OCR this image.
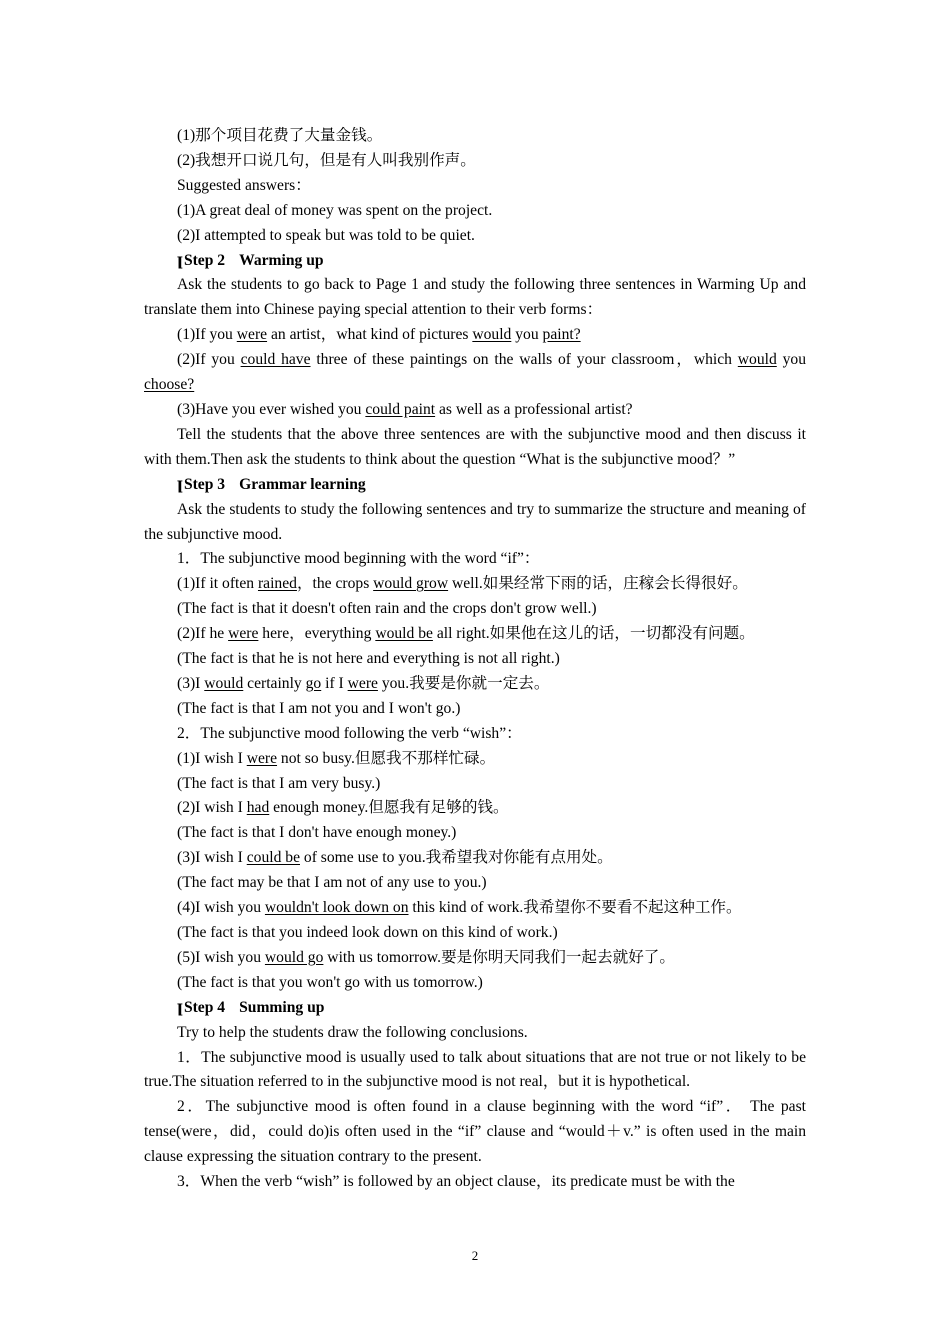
(1)那个项目花费了大量金钱。

(2)我想开口说几句，但是有人叫我别作声。

Suggested answers：

(1)A great deal of money was spent on the project.

(2)I attempted to speak but was told to be quiet.

ꞁStep 2 Warming up

Ask the students to go back to Page 1 and study the following three sentences in Warming Up and translate them into Chinese paying special attention to their verb forms：

(1)If you were an artist，what kind of pictures would you paint?

(2)If you could have three of these paintings on the walls of your classroom，which would you choose?

(3)Have you ever wished you could paint as well as a professional artist?

Tell the students that the above three sentences are with the subjunctive mood and then discuss it with them.Then ask the students to think about the question “What is the subjunctive mood？”

ꞁStep 3 Grammar learning

Ask the students to study the following sentences and try to summarize the structure and meaning of the subjunctive mood.

1．The subjunctive mood beginning with the word “if”：

(1)If it often rained，the crops would grow well.如果经常下雨的话，庄稼会长得很好。

(The fact is that it doesn't often rain and the crops don't grow well.)

(2)If he were here，everything would be all right.如果他在这儿的话，一切都没有问题。

(The fact is that he is not here and everything is not all right.)

(3)I would certainly go if I were you.我要是你就一定去。

(The fact is that I am not you and I won't go.)

2．The subjunctive mood following the verb “wish”：

(1)I wish I were not so busy.但愿我不那样忙碌。

(The fact is that I am very busy.)

(2)I wish I had enough money.但愿我有足够的钱。

(The fact is that I don't have enough money.)

(3)I wish I could be of some use to you.我希望我对你能有点用处。

(The fact may be that I am not of any use to you.)

(4)I wish you wouldn't look down on this kind of work.我希望你不要看不起这种工作。

(The fact is that you indeed look down on this kind of work.)

(5)I wish you would go with us tomorrow.要是你明天同我们一起去就好了。

(The fact is that you won't go with us tomorrow.)

ꞁStep 4 Summing up

Try to help the students draw the following conclusions.

1．The subjunctive mood is usually used to talk about situations that are not true or not likely to be true.The situation referred to in the subjunctive mood is not real，but it is hypothetical.

2．The subjunctive mood is often found in a clause beginning with the word “if”． The past tense(were，did，could do)is often used in the “if” clause and “would＋v.” is often used in the main clause expressing the situation contrary to the present.

3．When the verb “wish” is followed by an object clause，its predicate must be with the

2
